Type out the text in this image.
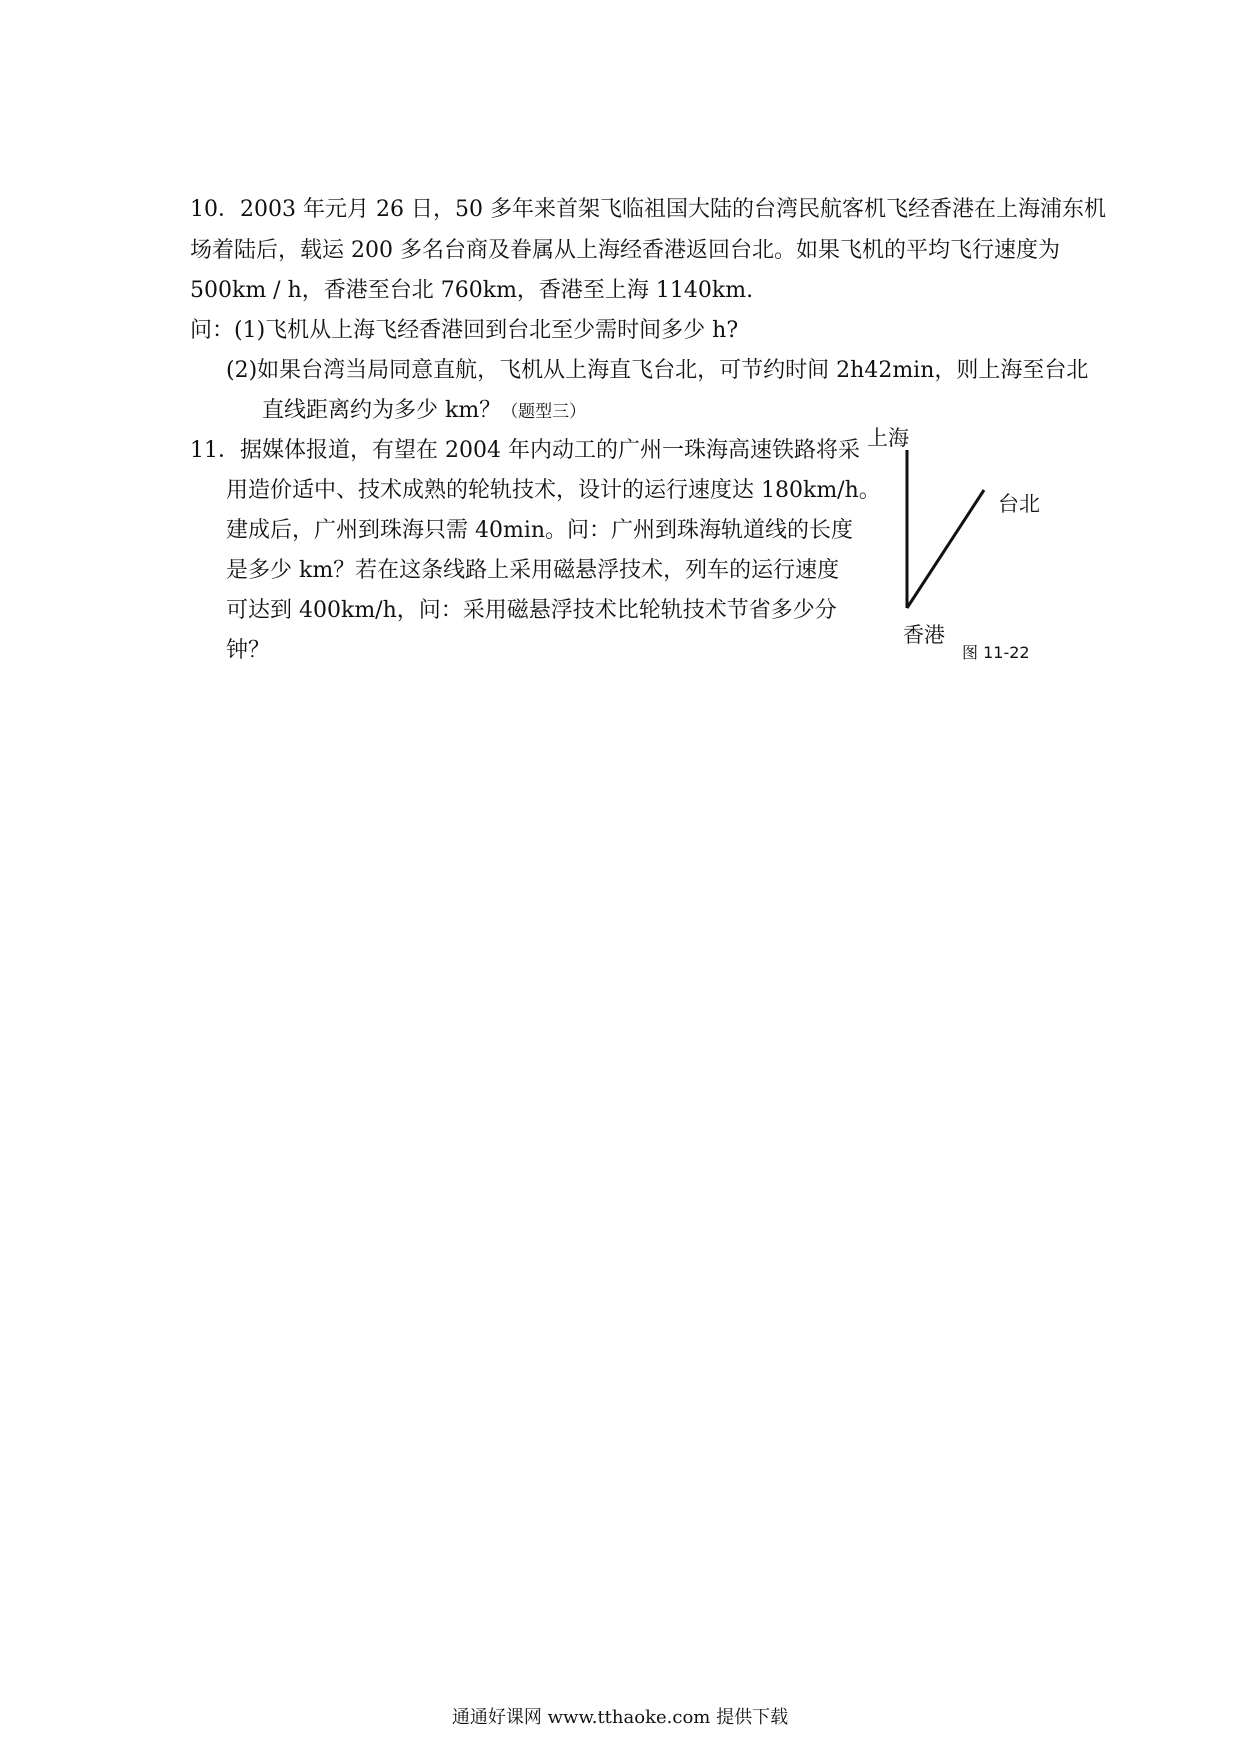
10．2003 年元月 26 日，50 多年来首架飞临祖国大陆的台湾民航客机飞经香港在上海浦东机
场着陆后，载运 200 多名台商及眷属从上海经香港返回台北。如果飞机的平均飞行速度为
500km / h，香港至台北 760km，香港至上海 1140km.
问：(1)飞机从上海飞经香港回到台北至少需时间多少 h?
(2)如果台湾当局同意直航，飞机从上海直飞台北，可节约时间 2h42min，则上海至台北
直线距离约为多少 km？（题型三）
11．据媒体报道，有望在 2004 年内动工的广州一珠海高速铁路将采
用造价适中、技术成熟的轮轨技术，设计的运行速度达 180km/h。
建成后，广州到珠海只需 40min。问：广州到珠海轨道线的长度
是多少 km？若在这条线路上采用磁悬浮技术，列车的运行速度
可达到 400km/h，问：采用磁悬浮技术比轮轨技术节省多少分
钟？
上海
台北
香港
图 11-22
通通好课网 www.tthaoke.com 提供下载
